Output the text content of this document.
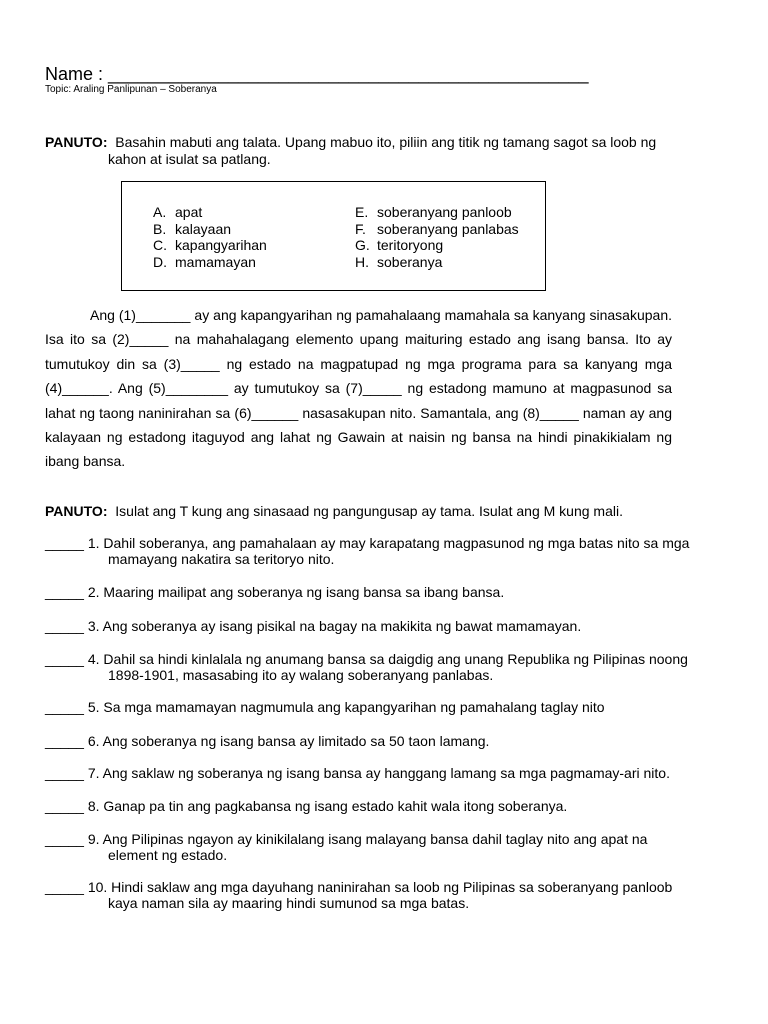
Name : ________________________________________________
Topic: Araling Panlipunan – Soberanya
PANUTO: Basahin mabuti ang talata. Upang mabuo ito, piliin ang titik ng tamang sagot sa loob ng
kahon at isulat sa patlang.
A. apat
B. kalayaan
C. kapangyarihan
D. mamamayan
E. soberanyang panloob
F. soberanyang panlabas
G. teritoryong
H. soberanya
Ang (1)_______ ay ang kapangyarihan ng pamahalaang mamahala sa kanyang sinasakupan. Isa ito sa (2)_____ na mahahalagang elemento upang maituring estado ang isang bansa. Ito ay tumutukoy din sa (3)_____ ng estado na magpatupad ng mga programa para sa kanyang mga (4)______. Ang (5)________ ay tumutukoy sa (7)_____ ng estadong mamuno at magpasunod sa lahat ng taong naninirahan sa (6)______ nasasakupan nito. Samantala, ang (8)_____ naman ay ang kalayaan ng estadong itaguyod ang lahat ng Gawain at naisin ng bansa na hindi pinakikialam ng ibang bansa.
PANUTO: Isulat ang T kung ang sinasaad ng pangungusap ay tama. Isulat ang M kung mali.
_____ 1. Dahil soberanya, ang pamahalaan ay may karapatang magpasunod ng mga batas nito sa mga
mamayang nakatira sa teritoryo nito.
_____ 2. Maaring mailipat ang soberanya ng isang bansa sa ibang bansa.
_____ 3. Ang soberanya ay isang pisikal na bagay na makikita ng bawat mamamayan.
_____ 4. Dahil sa hindi kinlalala ng anumang bansa sa daigdig ang unang Republika ng Pilipinas noong
1898-1901, masasabing ito ay walang soberanyang panlabas.
_____ 5. Sa mga mamamayan nagmumula ang kapangyarihan ng pamahalang taglay nito
_____ 6. Ang soberanya ng isang bansa ay limitado sa 50 taon lamang.
_____ 7. Ang saklaw ng soberanya ng isang bansa ay hanggang lamang sa mga pagmamay-ari nito.
_____ 8. Ganap pa tin ang pagkabansa ng isang estado kahit wala itong soberanya.
_____ 9. Ang Pilipinas ngayon ay kinikilalang isang malayang bansa dahil taglay nito ang apat na
element ng estado.
_____ 10. Hindi saklaw ang mga dayuhang naninirahan sa loob ng Pilipinas sa soberanyang panloob
kaya naman sila ay maaring hindi sumunod sa mga batas.
